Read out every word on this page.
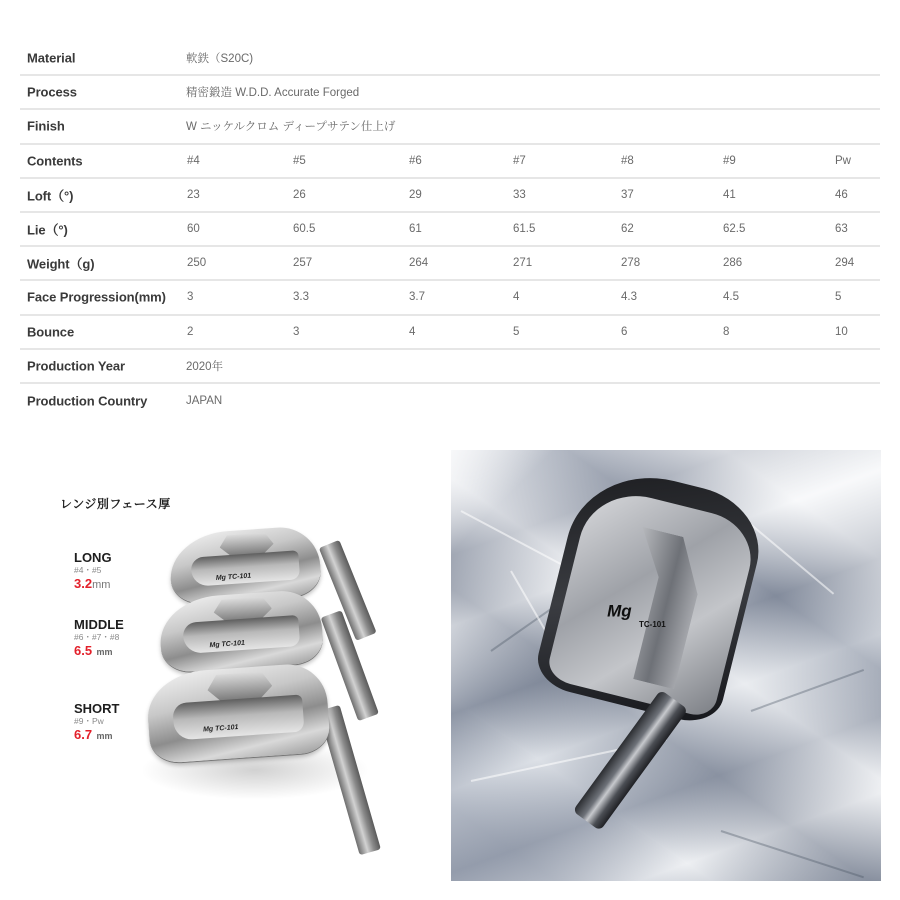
Material	軟鉄（S20C)
Process	精密鍛造 W.D.D. Accurate Forged
Finish	W ニッケルクロム ディープサテン仕上げ
Contents	#4	#5	#6	#7	#8	#9	Pw
Loft（°)	23	26	29	33	37	41	46
Lie（°)	60	60.5	61	61.5	62	62.5	63
Weight（g)	250	257	264	271	278	286	294
Face Progression(mm) 3	3.3	3.7	4	4.3	4.5	5
Bounce	2	3	4	5	6	8	10
Production Year	2020年
Production Country	JAPAN
レンジ別フェース厚
LONG
#4・#5
3.2mm
MIDDLE
#6・#7・#8
6.5 mm
SHORT
#9・Pw
6.7 mm
Mg TC-101
Mg TC-101
Mg TC-101
Mg
TC-101
